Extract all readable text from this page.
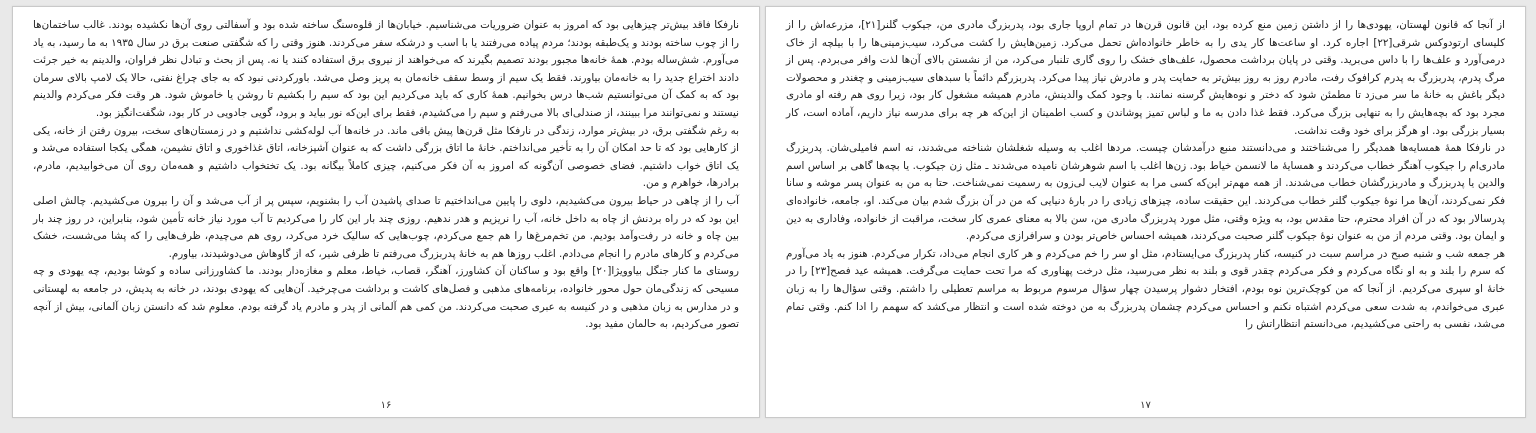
نارفکا فاقد بیش‌تر چیزهایی بود که امروز به عنوان ضروریات می‌شناسیم. خیابان‌ها از قلوه‌سنگ ساخته شده بود و آسفالتی روی آن‌ها نکشیده بودند. غالب ساختمان‌ها را از چوب ساخته بودند و یک‌طبقه بودند؛ مردم پیاده می‌رفتند یا با اسب و درشکه سفر می‌کردند. هنوز وقتی را که شگفتی صنعت برق در سال ۱۹۳۵ به ما رسید، به یاد می‌آورم. شش‌ساله بودم. همهٔ خانه‌ها مجبور بودند تصمیم بگیرند که می‌خواهند از نیروی برق استفاده کنند یا نه. پس از بحث و تبادل نظر فراوان، والدینم به خیر جرئت دادند اختراع جدید را به خانه‌مان بیاورند. فقط یک سیم از وسط سقف خانه‌مان به پریز وصل می‌شد. باورکردنی نبود که به جای چراغ نفتی، حالا یک لامپ بالای سرمان بود که به کمک آن می‌توانستیم شب‌ها درس بخوانیم. همهٔ کاری که باید می‌کردیم این بود که سیم را بکشیم تا روشن یا خاموش شود. هر وقت فکر می‌کردم والدینم نیستند و نمی‌توانند مرا ببینند، از صندلی‌ای بالا می‌رفتم و سیم را می‌کشیدم، فقط برای این‌که نور بیاید و برود، گویی جادویی در کار بود، شگفت‌انگیز بود.

به رغم شگفتی برق، در بیش‌تر موارد، زندگی در نارفکا مثل قرن‌ها پیش باقی ماند. در خانه‌ها آب لوله‌کشی نداشتیم و در زمستان‌های سخت، بیرون رفتن از خانه، یکی از کارهایی بود که تا حد امکان آن را به تأخیر می‌انداختم. خانهٔ ما اتاق بزرگی داشت که به عنوان آشپزخانه، اتاق غذاخوری و اتاق نشیمن، همگی یکجا استفاده می‌شد و یک اتاق خواب داشتیم. فضای خصوصی آن‌گونه که امروز به آن فکر می‌کنیم، چیزی کاملاً بیگانه بود. یک تختخواب داشتیم و همه‌مان روی آن می‌خوابیدیم، مادرم، برادرها، خواهرم و من.

آب را از چاهی در حیاط بیرون می‌کشیدیم، دلوی را پایین می‌انداختیم تا صدای پاشیدن آب را بشنویم، سپس پر از آب می‌شد و آن را بیرون می‌کشیدیم. چالش اصلی این بود که در راه بردنش از چاه به داخل خانه، آب را نریزیم و هدر ندهیم. روزی چند بار این کار را می‌کردیم تا آب مورد نیاز خانه تأمین شود، بنابراین، در روز چند بار بین چاه و خانه در رفت‌وآمد بودیم. من تخم‌مرغ‌ها را هم جمع می‌کردم، چوب‌هایی که سالیک خرد می‌کرد، روی هم می‌چیدم، ظرف‌هایی را که پشا می‌شست، خشک می‌کردم و کارهای مادرم را انجام می‌دادم. اغلب روزها هم به خانهٔ پدربزرگ می‌رفتم تا ظرفی شیر، که از گاوهاش می‌دوشیدند، بیاورم.

روستای ما کنار جنگل بیاوویژا[۲۰] واقع بود و ساکنان آن کشاورز، آهنگر، قصاب، خیاط، معلم و مغازه‌دار بودند. ما کشاورزانی ساده و کوشا بودیم، چه یهودی و چه مسیحی که زندگی‌مان حول محور خانواده، برنامه‌های مذهبی و فصل‌های کاشت و برداشت می‌چرخید. آن‌هایی که یهودی بودند، در خانه به پدیش، در جامعه به لهستانی و در مدارس به زبان مذهبی و در کنیسه به عبری صحبت می‌کردند. من کمی هم آلمانی از پدر و مادرم یاد گرفته بودم. معلوم شد که دانستن زبان آلمانی، بیش از آنچه تصور می‌کردیم، به حالمان مفید بود.

۱۶

از آنجا که قانون لهستان، یهودی‌ها را از داشتن زمین منع کرده بود، این قانون قرن‌ها در تمام اروپا جاری بود، پدربزرگ مادری من، جیکوب گلنر[۲۱]، مزرعه‌اش را از کلیسای ارتودوکس شرقی[۲۲] اجاره کرد. او ساعت‌ها کار یدی را به خاطر خانواده‌اش تحمل می‌کرد. زمین‌هایش را کشت می‌کرد، سیب‌زمینی‌ها را با بیلچه از خاک درمی‌آورد و علف‌ها را با داس می‌برید. وقتی در پایان برداشت محصول، علف‌های خشک را روی گاری تلنبار می‌کرد، من از نشستن بالای آن‌ها لذت وافر می‌بردم. پس از مرگ پدرم، پدربزرگ به پدرم کرافوک رفت، مادرم روز به روز بیش‌تر به حمایت پدر و مادرش نیاز پیدا می‌کرد. پدربزرگم دائماً با سبدهای سیب‌زمینی و چغندر و محصولات دیگر باغش به خانهٔ ما سر می‌زد تا مطمئن شود که دختر و نوه‌هایش گرسنه نمانند. با وجود کمک والدینش، مادرم همیشه مشغول کار بود، زیرا روی هم رفته او مادری مجرد بود که بچه‌هایش را به تنهایی بزرگ می‌کرد. فقط غذا دادن به ما و لباس تمیز پوشاندن و کسب اطمینان از این‌که هر چه برای مدرسه نیاز داریم، آماده است، کار بسیار بزرگی بود. او هرگز برای خود وقت نداشت.

در نارفکا همهٔ همسایه‌ها همدیگر را می‌شناختند و می‌دانستند منبع درآمدشان چیست. مردها اغلب به وسیله شغلشان شناخته می‌شدند، نه اسم فامیلی‌شان. پدربزرگ مادری‌ام را جیکوب آهنگر خطاب می‌کردند و همسایهٔ ما لانسمن خیاط بود. زن‌ها اغلب با اسم شوهرشان نامیده می‌شدند ـ مثل زن جیکوب. یا بچه‌ها گاهی بر اساس اسم والدین یا پدربزرگ و مادربزرگشان خطاب می‌شدند. از همه مهم‌تر این‌که کسی مرا به عنوان لایب لی‌زون به رسمیت نمی‌شناخت. حتا به من به عنوان پسر موشه و سانا فکر نمی‌کردند، آن‌ها مرا نوهٔ جیکوب گلنر خطاب می‌کردند. این حقیقت ساده، چیزهای زیادی را در بارهٔ دنیایی که من در آن بزرگ شدم بیان می‌کند. او، جامعه، خانواده‌ای پدرسالار بود که در آن افراد محترم، حتا مقدس بود، به ویژه وقتی، مثل مورد پدربزرگ مادری من، سن بالا به معنای عمری کار سخت، مراقبت از خانواده، وفاداری به دین و ایمان بود. وقتی مردم از من به عنوان نوهٔ جیکوب گلنر صحبت می‌کردند، همیشه احساس خاص‌تر بودن و سرافرازی می‌کردم.

هر جمعه شب و شنبه صبح در مراسم سبت در کنیسه، کنار پدربزرگ می‌ایستادم، مثل او سر را خم می‌کردم و هر کاری انجام می‌داد، تکرار می‌کردم. هنوز به یاد می‌آورم که سرم را بلند و به او نگاه می‌کردم و فکر می‌کردم چقدر قوی و بلند به نظر می‌رسید، مثل درخت پهناوری که مرا تحت حمایت می‌گرفت. همیشه عید فصح[۲۳] را در خانهٔ او سپری می‌کردیم. از آنجا که من کوچک‌ترین نوه بودم، افتخار دشوار پرسیدن چهار سؤال مرسوم مربوط به مراسم تعطیلی را داشتم. وقتی سؤال‌ها را به زبان عبری می‌خواندم، به شدت سعی می‌کردم اشتباه نکنم و احساس می‌کردم چشمان پدربزرگ به من دوخته شده است و انتظار می‌کشد که سهمم را ادا کنم. وقتی تمام می‌شد، نفسی به راحتی می‌کشیدیم، می‌دانستم انتظاراتش را

۱۷
